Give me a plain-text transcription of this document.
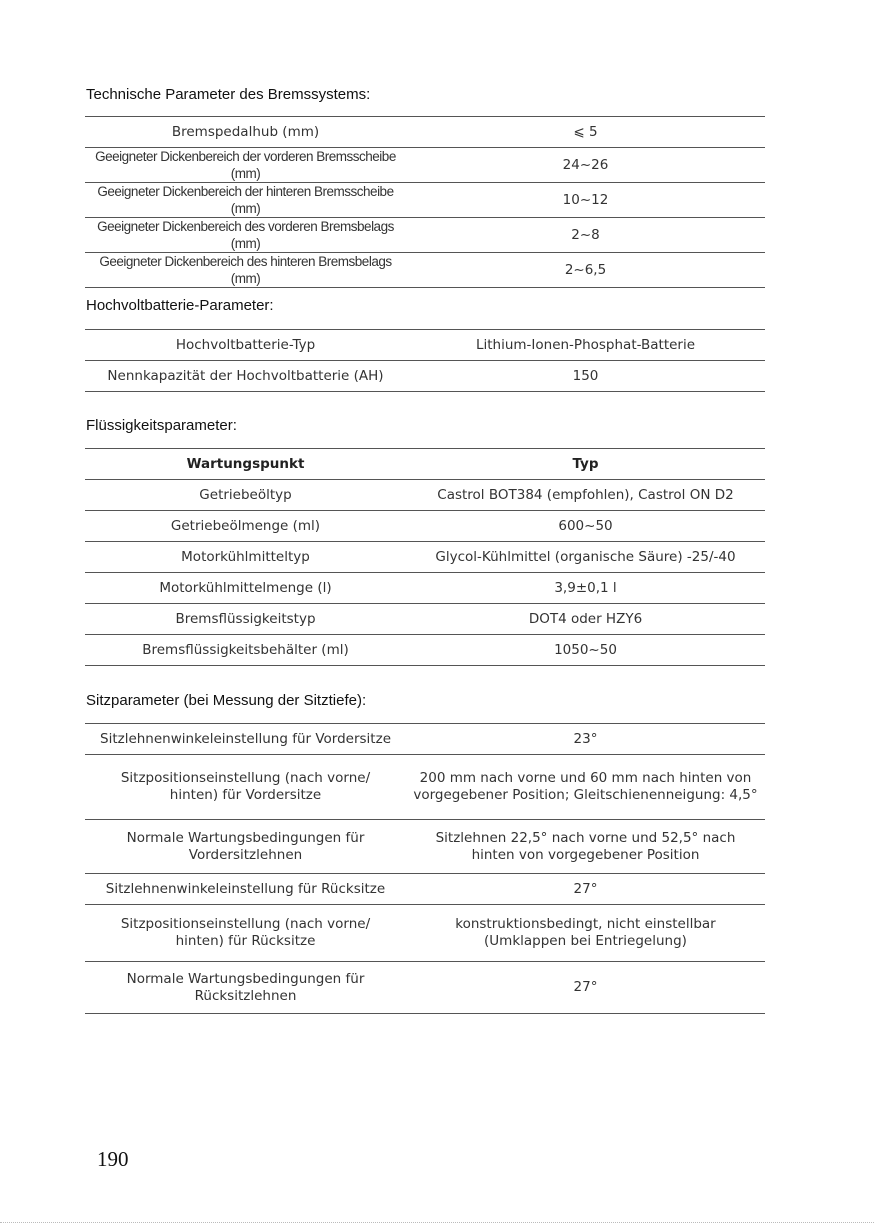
Technische Parameter des Bremssystems:
Bremspedalhub (mm)	⩽ 5
Geeigneter Dickenbereich der vorderen Bremsscheibe (mm)	24~26
Geeigneter Dickenbereich der hinteren Bremsscheibe (mm)	10~12
Geeigneter Dickenbereich des vorderen Bremsbelags (mm)	2~8
Geeigneter Dickenbereich des hinteren Bremsbelags (mm)	2~6,5
Hochvoltbatterie-Parameter:
Hochvoltbatterie-Typ	Lithium-Ionen-Phosphat-Batterie
Nennkapazität der Hochvoltbatterie (AH)	150
Flüssigkeitsparameter:
Wartungspunkt	Typ
Getriebeöltyp	Castrol BOT384 (empfohlen), Castrol ON D2
Getriebeölmenge (ml)	600~50
Motorkühlmitteltyp	Glycol-Kühlmittel (organische Säure) -25/-40
Motorkühlmittelmenge (l)	3,9±0,1 l
Bremsflüssigkeitstyp	DOT4 oder HZY6
Bremsflüssigkeitsbehälter (ml)	1050~50
Sitzparameter (bei Messung der Sitztiefe):
Sitzlehnenwinkeleinstellung für Vordersitze	23°
Sitzpositionseinstellung (nach vorne/ hinten) für Vordersitze	200 mm nach vorne und 60 mm nach hinten von vorgegebener Position; Gleitschienenneigung: 4,5°
Normale Wartungsbedingungen für Vordersitzlehnen	Sitzlehnen 22,5° nach vorne und 52,5° nach hinten von vorgegebener Position
Sitzlehnenwinkeleinstellung für Rücksitze	27°
Sitzpositionseinstellung (nach vorne/ hinten) für Rücksitze	konstruktionsbedingt, nicht einstellbar (Umklappen bei Entriegelung)
Normale Wartungsbedingungen für Rücksitzlehnen	27°
190
